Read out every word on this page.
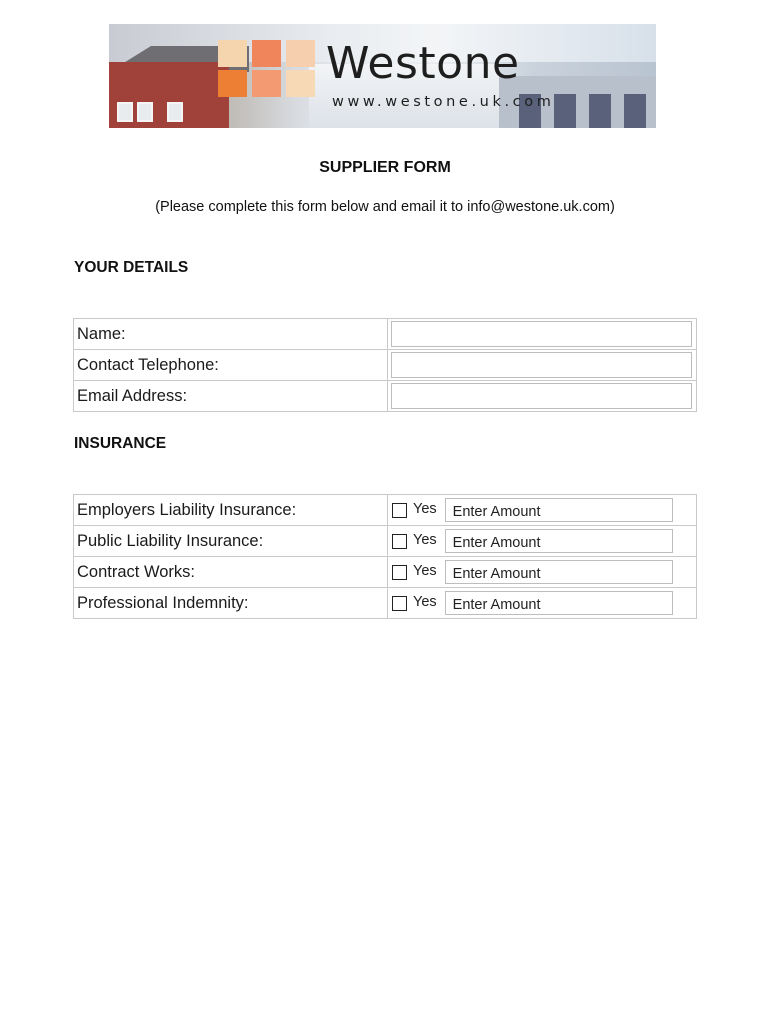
Westone
www.westone.uk.com
SUPPLIER FORM
(Please complete this form below and email it to info@westone.uk.com)
YOUR DETAILS
Name:	

Contact Telephone:	

Email Address:	
INSURANCE
Employers Liability Insurance:	Yes Enter Amount

Public Liability Insurance:	Yes Enter Amount

Contract Works:	Yes Enter Amount

Professional Indemnity:	Yes Enter Amount
